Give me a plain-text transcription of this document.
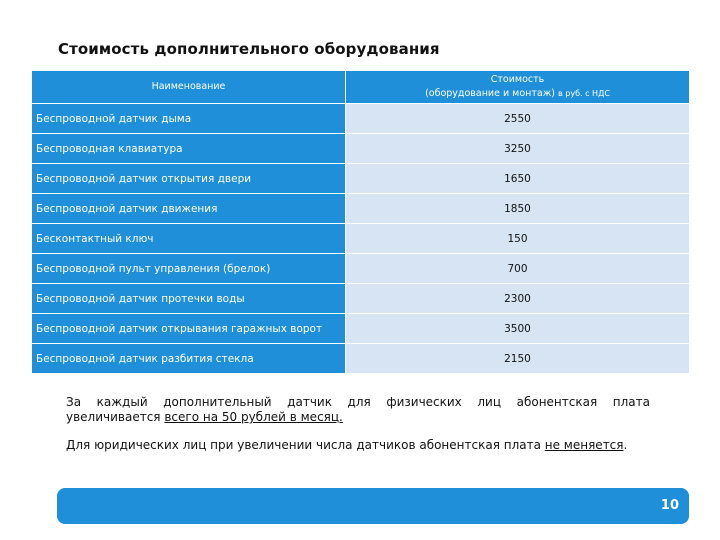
Стоимость дополнительного оборудования
Наименование	Стоимость
(оборудование и монтаж) в руб. с НДС

Беспроводной датчик дыма	2550
Беспроводная клавиатура	3250
Беспроводной датчик открытия двери	1650
Беспроводной датчик движения	1850
Бесконтактный ключ	150
Беспроводной пульт управления (брелок)	700
Беспроводной датчик протечки воды	2300
Беспроводной датчик открывания гаражных ворот	3500
Беспроводной датчик разбития стекла	2150
За каждый дополнительный датчик для физических лиц абонентская плата увеличивается всего на 50 рублей в месяц.
Для юридических лиц при увеличении числа датчиков абонентская плата не меняется.
10
